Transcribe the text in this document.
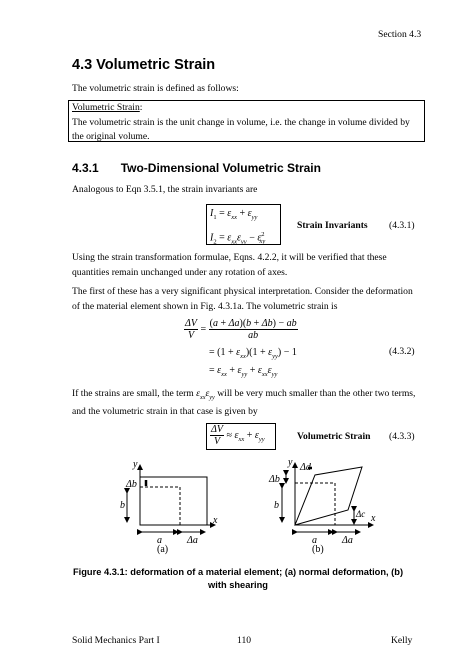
Section 4.3
4.3 Volumetric Strain
The volumetric strain is defined as follows:
Volumetric Strain:
The volumetric strain is the unit change in volume, i.e. the change in volume divided by the original volume.
4.3.1 Two-Dimensional Volumetric Strain
Analogous to Eqn 3.5.1, the strain invariants are
$I_1 = \varepsilon_{xx} + \varepsilon_{yy}$
$I_2 = \varepsilon_{xx}\varepsilon_{yy} - \varepsilon^2_{xy}$
Strain Invariants (4.3.1)
Using the strain transformation formulae, Eqns. 4.2.2, it will be verified that these quantities remain unchanged under any rotation of axes.
The first of these has a very significant physical interpretation. Consider the deformation of the material element shown in Fig. 4.3.1a. The volumetric strain is
$\frac{\Delta V}{V} = \frac{(a + \Delta a)(b + \Delta b) - ab}{ab}$
= $(1 + \varepsilon_{xx})(1 + \varepsilon_{yy}) - 1$
= $\varepsilon_{xx} + \varepsilon_{yy} + \varepsilon_{xx}\varepsilon_{yy}$
(4.3.2)
If the strains are small, the term $\varepsilon_{xx}\varepsilon_{yy}$ will be very much smaller than the other two terms, and the volumetric strain in that case is given by
$\frac{\Delta V}{V} \approx \varepsilon_{xx} + \varepsilon_{yy}$	Volumetric Strain (4.3.3)
y
x
Δb
b
a	Δa
(a)
y
x
Δd
Δb
b
Δc
a	Δa
(b)
Figure 4.3.1: deformation of a material element; (a) normal deformation, (b) with shearing
Solid Mechanics Part I	110	Kelly
